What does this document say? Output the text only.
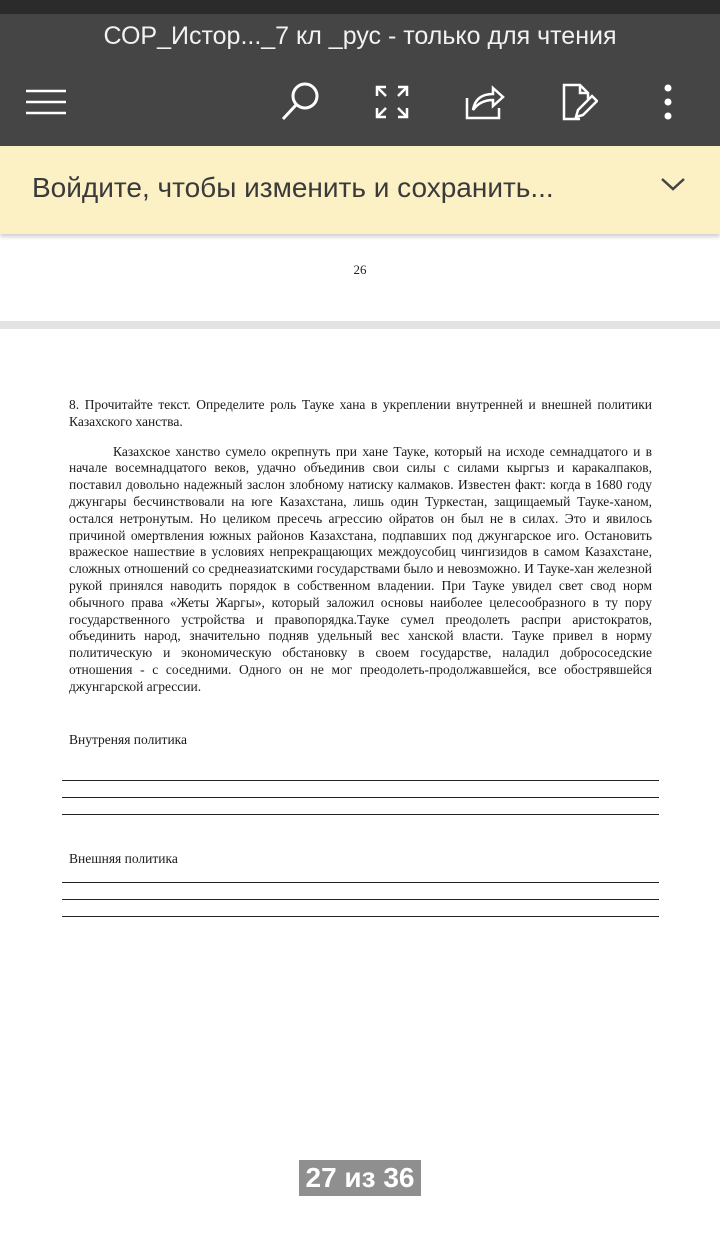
СОР_Истор..._7 кл _рус - только для чтения
Войдите, чтобы изменить и сохранить...
26

8. Прочитайте текст. Определите роль Тауке хана в укреплении внутренней и внешней политики Казахского ханства.

Казахское ханство сумело окрепнуть при хане Тауке, который на исходе семнадцатого и в начале восемнадцатого веков, удачно объединив свои силы с силами кыргыз и каракалпаков, поставил довольно надежный заслон злобному натиску калмаков. Известен факт: когда в 1680 году джунгары бесчинствовали на юге Казахстана, лишь один Туркестан, защищаемый Тауке-ханом, остался нетронутым. Но целиком пресечь агрессию ойратов он был не в силах. Это и явилось причиной омертвления южных районов Казахстана, подпавших под джунгарское иго. Остановить вражеское нашествие в условиях непрекращающих междоусобиц чингизидов в самом Казахстане, сложных отношений со среднеазиатскими государствами было и невозможно. И Тауке-хан железной рукой принялся наводить порядок в собственном владении. При Тауке увидел свет свод норм обычного права «Жеты Жаргы», который заложил основы наиболее целесообразного в ту пору государственного устройства и правопорядка.Тауке сумел преодолеть распри аристократов, объединить народ, значительно подняв удельный вес ханской власти. Тауке привел в норму политическую и экономическую обстановку в своем государстве, наладил добрососедские отношения - с соседними. Одного он не мог преодолеть-продолжавшейся, все обострявшейся джунгарской агрессии.

Внутреняя политика
Внешняя политика
27 из 36
